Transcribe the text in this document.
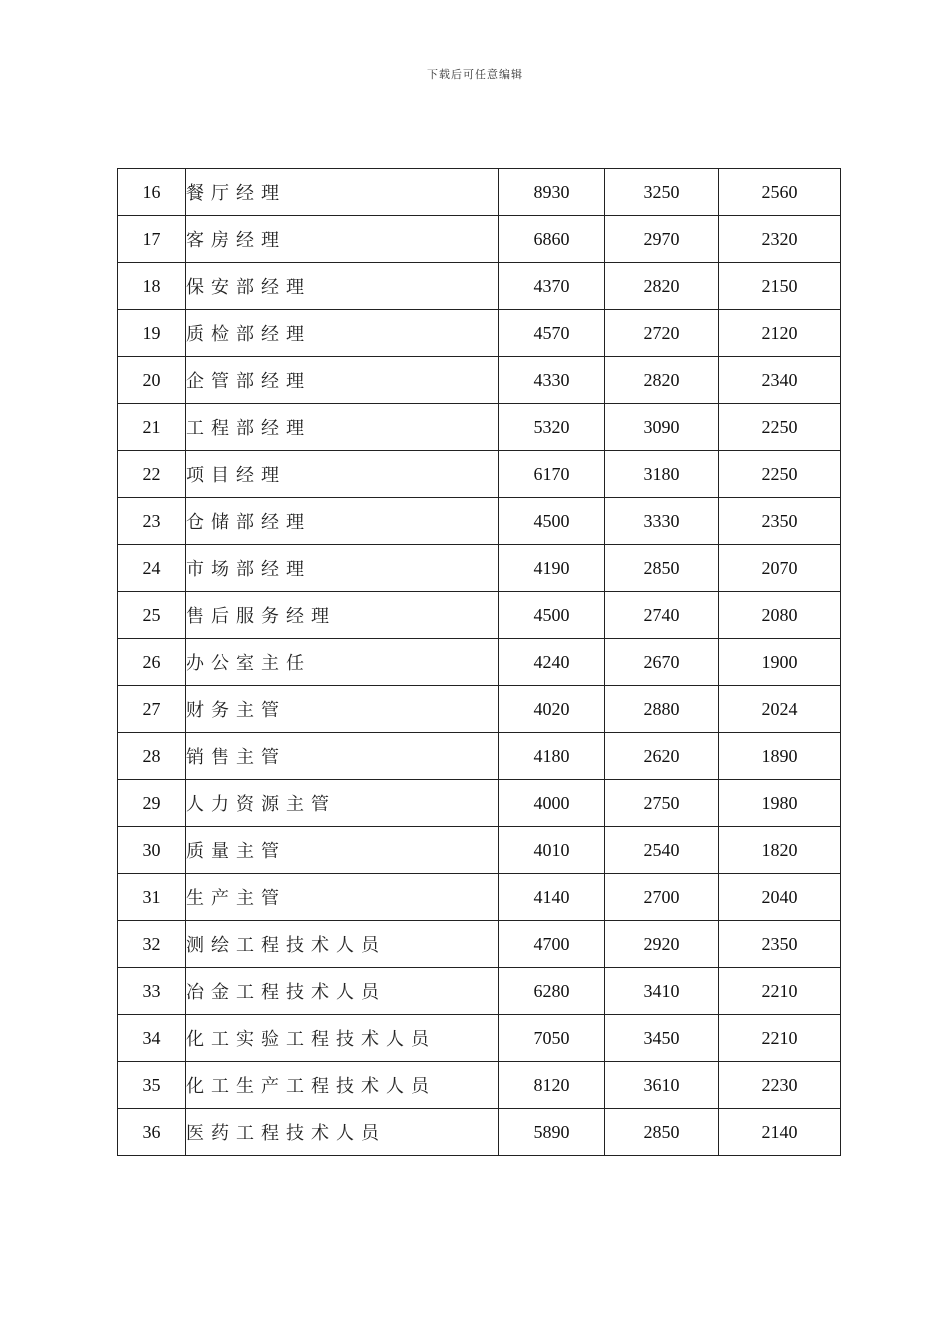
下载后可任意编辑
16	餐厅经理	8930	3250	2560
17	客房经理	6860	2970	2320
18	保安部经理	4370	2820	2150
19	质检部经理	4570	2720	2120
20	企管部经理	4330	2820	2340
21	工程部经理	5320	3090	2250
22	项目经理	6170	3180	2250
23	仓储部经理	4500	3330	2350
24	市场部经理	4190	2850	2070
25	售后服务经理	4500	2740	2080
26	办公室主任	4240	2670	1900
27	财务主管	4020	2880	2024
28	销售主管	4180	2620	1890
29	人力资源主管	4000	2750	1980
30	质量主管	4010	2540	1820
31	生产主管	4140	2700	2040
32	测绘工程技术人员	4700	2920	2350
33	冶金工程技术人员	6280	3410	2210
34	化工实验工程技术人员	7050	3450	2210
35	化工生产工程技术人员	8120	3610	2230
36	医药工程技术人员	5890	2850	2140
